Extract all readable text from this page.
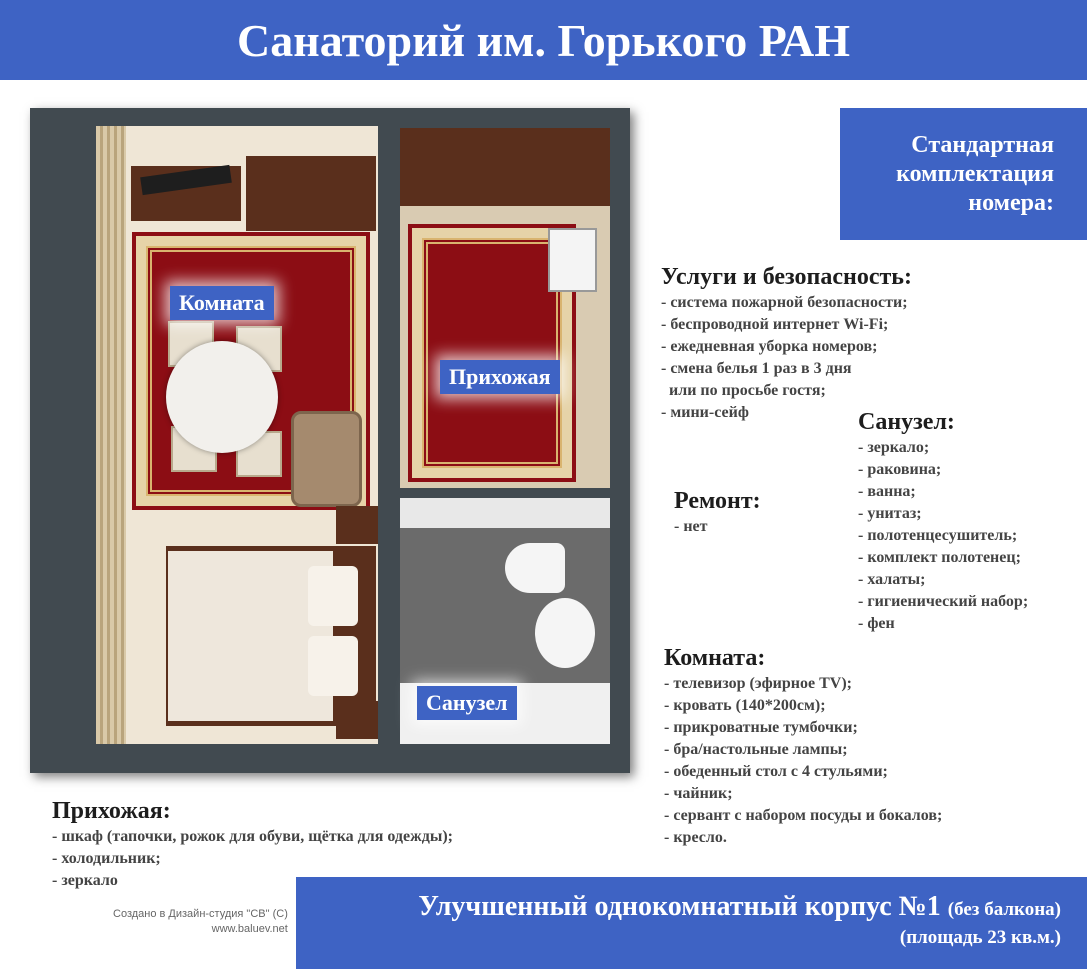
Санаторий им. Горького РАН
Комната
Прихожая
Санузел
Стандартная
комплектация
номера:
Услуги и безопасность:
- система пожарной безопасности;
- беспроводной интернет Wi-Fi;
- ежедневная уборка номеров;
- смена белья 1 раз в 3 дня
или по просьбе гостя;
- мини-сейф	Санузел:
- зеркало;
- раковина;
- ванна;
- унитаз;
- полотенцесушитель;
- комплект полотенец;
- халаты;
- гигиенический набор;
- фен
Ремонт:
- нет
Комната:
- телевизор (эфирное TV);
- кровать (140*200см);
- прикроватные тумбочки;
- бра/настольные лампы;
- обеденный стол с 4 стульями;
- чайник;
- сервант с набором посуды и бокалов;
- кресло.
Прихожая:
- шкаф (тапочки, рожок для обуви, щётка для одежды);
- холодильник;
- зеркало
Создано в Дизайн-студия "СВ" (С)
www.baluev.net
Улучшенный однокомнатный корпус №1 (без балкона)
(площадь 23 кв.м.)
